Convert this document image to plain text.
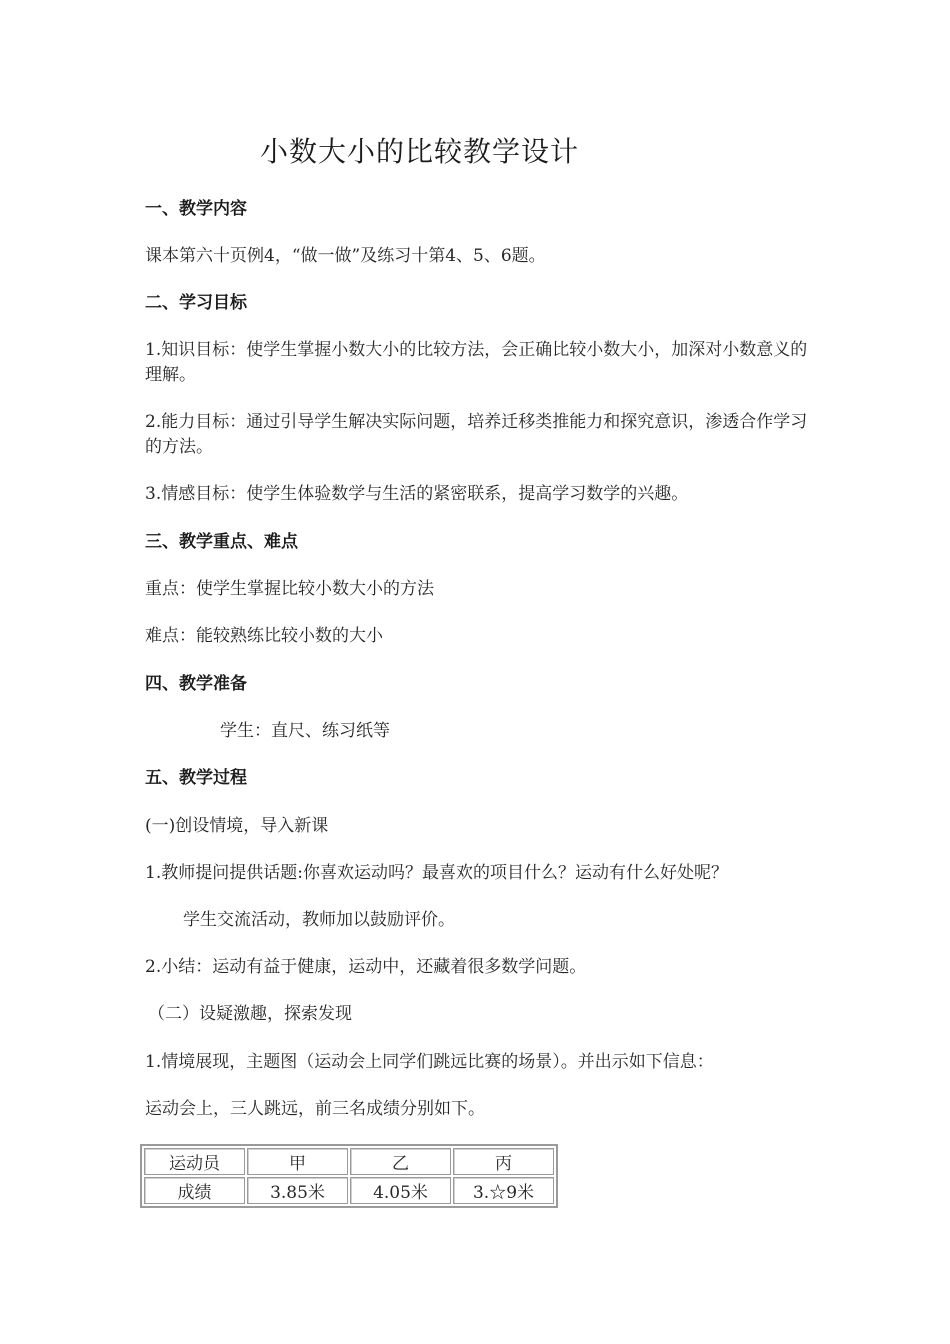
小数大小的比较教学设计
一、教学内容
课本第六十页例4，“做一做”及练习十第4、5、6题。
二、学习目标
1.知识目标：使学生掌握小数大小的比较方法，会正确比较小数大小，加深对小数意义的理解。
2.能力目标：通过引导学生解决实际问题，培养迁移类推能力和探究意识，渗透合作学习的方法。
3.情感目标：使学生体验数学与生活的紧密联系，提高学习数学的兴趣。
三、教学重点、难点
重点：使学生掌握比较小数大小的方法
难点：能较熟练比较小数的大小
四、教学准备
学生：直尺、练习纸等
五、教学过程
(一)创设情境，导入新课
1.教师提问提供话题:你喜欢运动吗？最喜欢的项目什么？运动有什么好处呢？
学生交流活动，教师加以鼓励评价。
2.小结：运动有益于健康，运动中，还藏着很多数学问题。
（二）设疑激趣，探索发现
1.情境展现，主题图（运动会上同学们跳远比赛的场景）。并出示如下信息：
运动会上，三人跳远，前三名成绩分别如下。
运动员	甲	乙	丙
成绩	3.85米	4.05米	3.☆9米
